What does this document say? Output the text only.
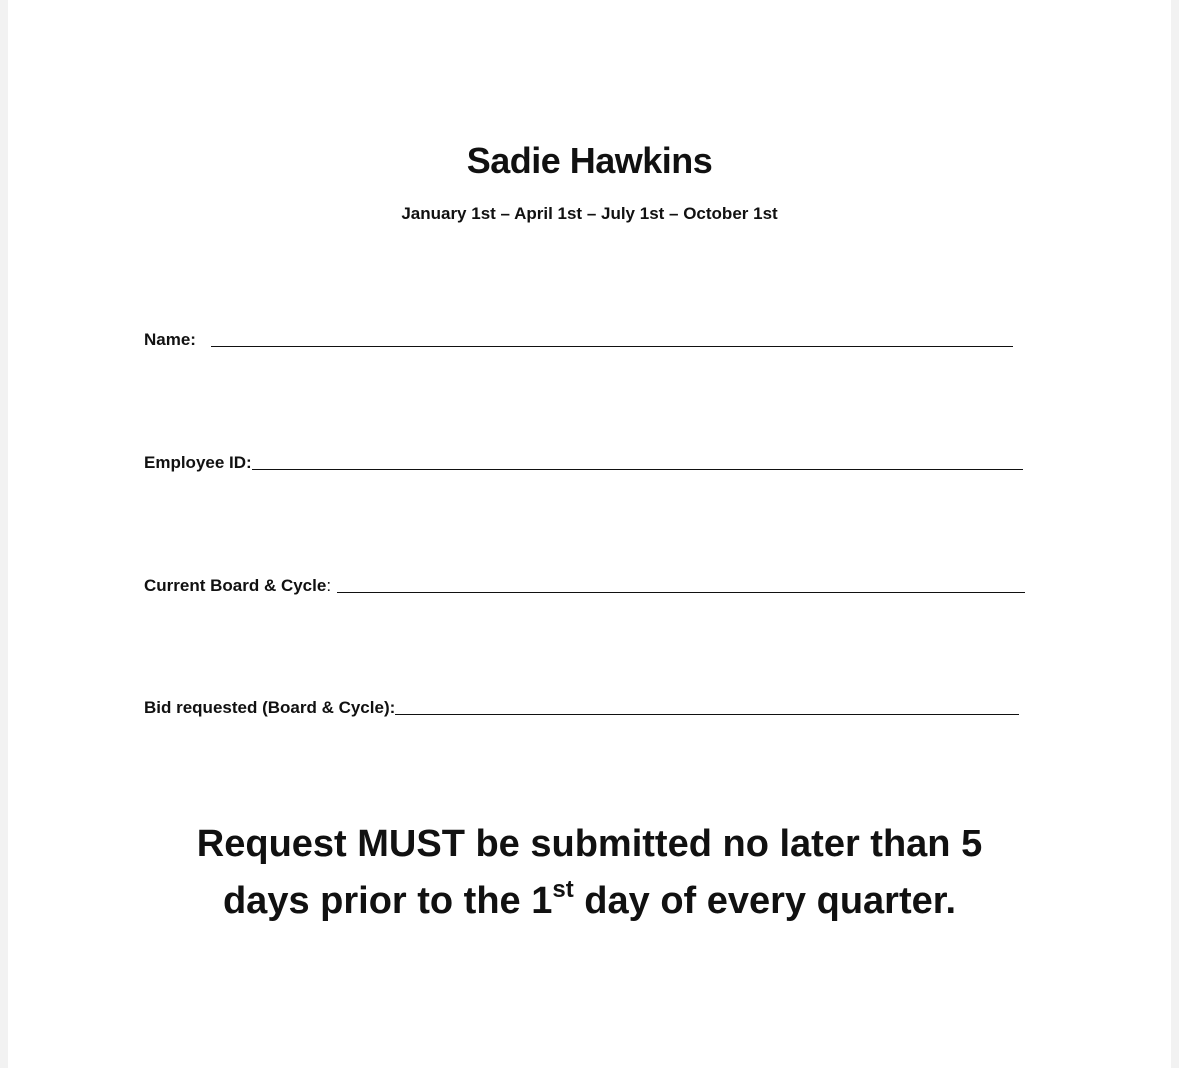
Sadie Hawkins

January 1st – April 1st – July 1st – October 1st

Name:
Employee ID:
Current Board & Cycle:
Bid requested (Board & Cycle):
Request MUST be submitted no later than 5
days prior to the 1st day of every quarter.
